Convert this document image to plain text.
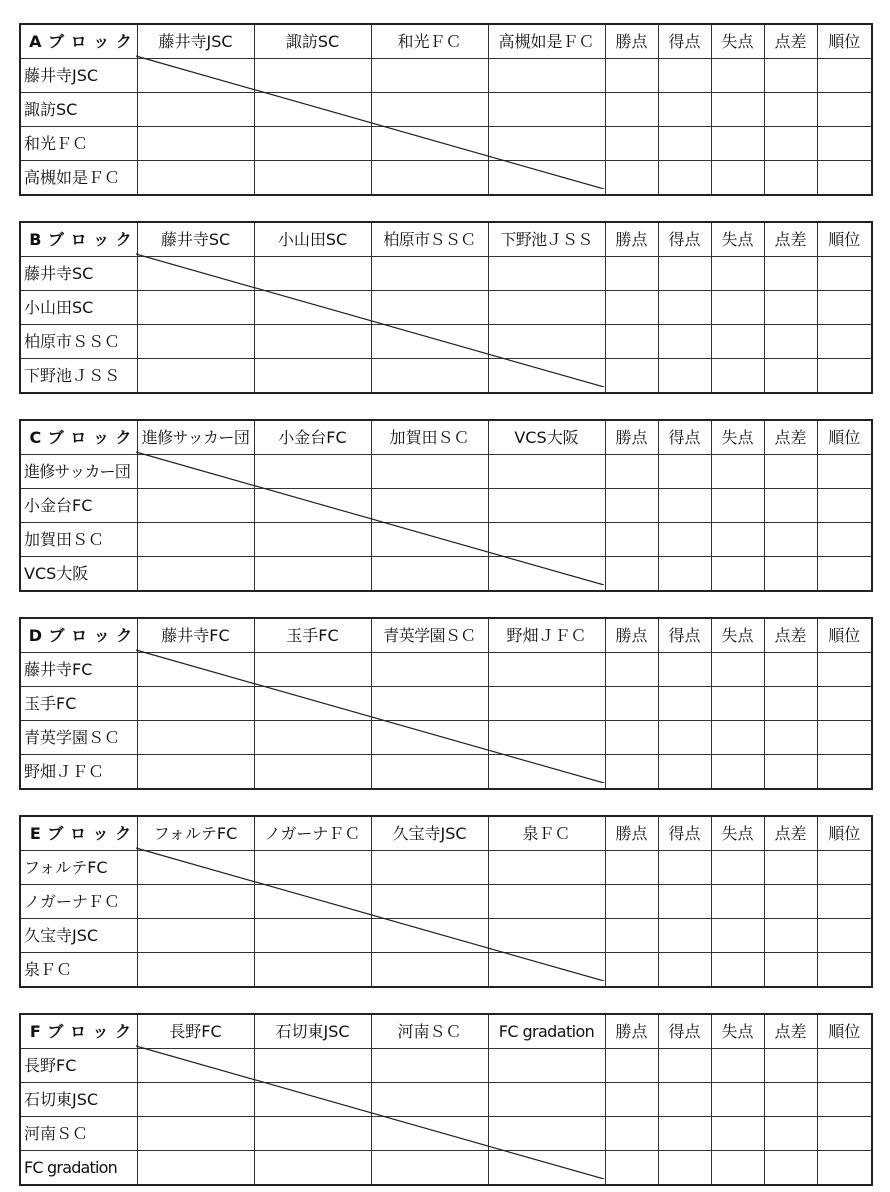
A ブ ロ ッ ク	藤井寺JSC	諏訪SC	和光ＦＣ	高槻如是ＦＣ	勝点	得点	失点	点差	順位
藤井寺JSC									
諏訪SC									
和光ＦＣ									
高槻如是ＦＣ									
B ブ ロ ッ ク	藤井寺SC	小山田SC	柏原市ＳＳＣ	下野池ＪＳＳ	勝点	得点	失点	点差	順位
藤井寺SC									
小山田SC									
柏原市ＳＳＣ									
下野池ＪＳＳ									
C ブ ロ ッ ク	進修サッカー団	小金台FC	加賀田ＳＣ	VCS大阪	勝点	得点	失点	点差	順位
進修サッカー団									
小金台FC									
加賀田ＳＣ									
VCS大阪									
D ブ ロ ッ ク	藤井寺FC	玉手FC	青英学園ＳＣ	野畑ＪＦＣ	勝点	得点	失点	点差	順位
藤井寺FC									
玉手FC									
青英学園ＳＣ									
野畑ＪＦＣ									
E ブ ロ ッ ク	フォルテFC	ノガーナＦＣ	久宝寺JSC	泉ＦＣ	勝点	得点	失点	点差	順位
フォルテFC									
ノガーナＦＣ									
久宝寺JSC									
泉ＦＣ									
F ブ ロ ッ ク	長野FC	石切東JSC	河南ＳＣ	FC gradation	勝点	得点	失点	点差	順位
長野FC									
石切東JSC									
河南ＳＣ									
FC gradation									
